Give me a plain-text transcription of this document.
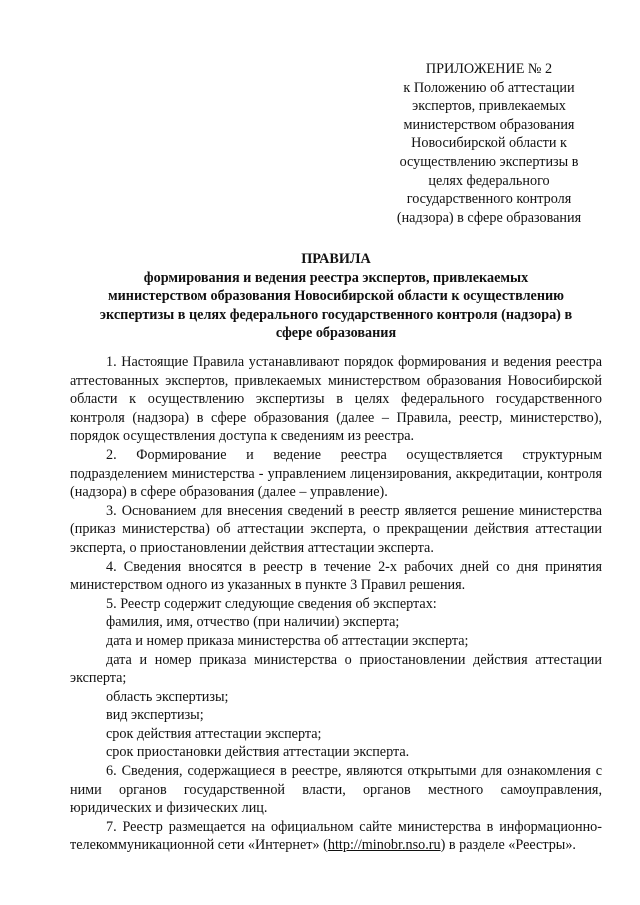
ПРИЛОЖЕНИЕ № 2
к Положению об аттестации
экспертов, привлекаемых
министерством образования
Новосибирской области к
осуществлению экспертизы в
целях федерального
государственного контроля
(надзора) в сфере образования
ПРАВИЛА
формирования и ведения реестра экспертов, привлекаемых
министерством образования Новосибирской области к осуществлению
экспертизы в целях федерального государственного контроля (надзора) в
сфере образования

1. Настоящие Правила устанавливают порядок формирования и ведения реестра аттестованных экспертов, привлекаемых министерством образования Новосибирской области к осуществлению экспертизы в целях федерального государственного контроля (надзора) в сфере образования (далее – Правила, реестр, министерство), порядок осуществления доступа к сведениям из реестра.

2. Формирование и ведение реестра осуществляется структурным подразделением министерства - управлением лицензирования, аккредитации, контроля (надзора) в сфере образования (далее – управление).

3. Основанием для внесения сведений в реестр является решение министерства (приказ министерства) об аттестации эксперта, о прекращении действия аттестации эксперта, о приостановлении действия аттестации эксперта.

4. Сведения вносятся в реестр в течение 2-х рабочих дней со дня принятия министерством одного из указанных в пункте 3 Правил решения.

5. Реестр содержит следующие сведения об экспертах:

фамилия, имя, отчество (при наличии) эксперта;

дата и номер приказа министерства об аттестации эксперта;

дата и номер приказа министерства о приостановлении действия аттестации эксперта;

область экспертизы;

вид экспертизы;

срок действия аттестации эксперта;

срок приостановки действия аттестации эксперта.

6. Сведения, содержащиеся в реестре, являются открытыми для ознакомления с ними органов государственной власти, органов местного самоуправления, юридических и физических лиц.

7. Реестр размещается на официальном сайте министерства в информационно-телекоммуникационной сети «Интернет» (http://minobr.nso.ru) в разделе «Реестры».
